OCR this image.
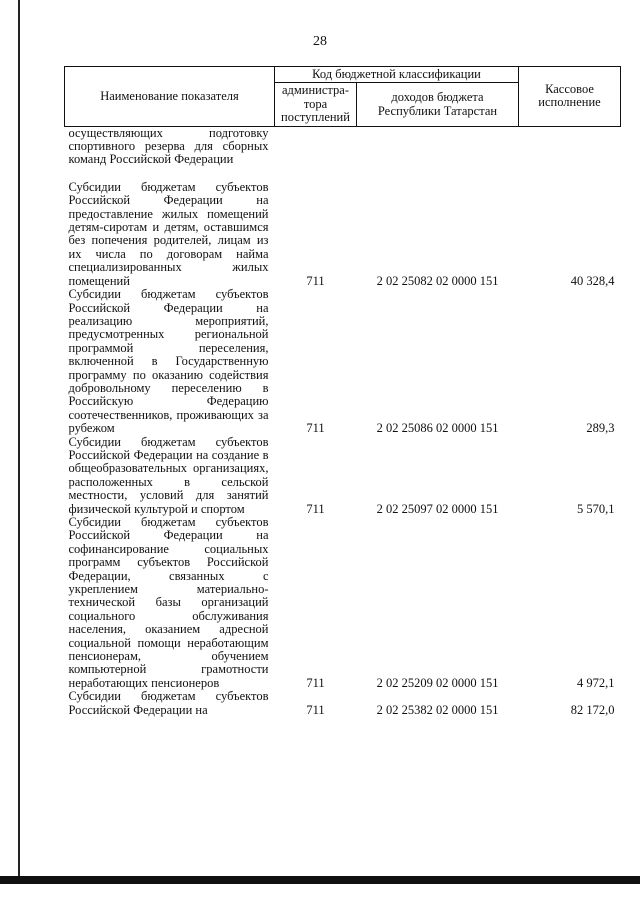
28
Наименование показателя	Код бюджетной классификации		Кассовое исполнение
	администра-тора поступлений	доходов бюджета Республики Татарстан	
осуществляющих подготовку спортивного резерва для сборных команд Российской Федерации			
Субсидии бюджетам субъектов Российской Федерации на предоставление жилых помещений детям-сиротам и детям, оставшимся без попечения родителей, лицам из их числа по договорам найма специализированных жилых помещений	711	2 02 25082 02 0000 151	40 328,4
Субсидии бюджетам субъектов Российской Федерации на реализацию мероприятий, предусмотренных региональной программой переселения, включенной в Государственную программу по оказанию содействия добровольному переселению в Российскую Федерацию соотечественников, проживающих за рубежом	711	2 02 25086 02 0000 151	289,3
Субсидии бюджетам субъектов Российской Федерации на создание в общеобразовательных организациях, расположенных в сельской местности, условий для занятий физической культурой и спортом	711	2 02 25097 02 0000 151	5 570,1
Субсидии бюджетам субъектов Российской Федерации на софинансирование социальных программ субъектов Российской Федерации, связанных с укреплением материально-технической базы организаций социального обслуживания населения, оказанием адресной социальной помощи неработающим пенсионерам, обучением компьютерной грамотности неработающих пенсионеров	711	2 02 25209 02 0000 151	4 972,1
Субсидии бюджетам субъектов Российской Федерации на	711	2 02 25382 02 0000 151	82 172,0
